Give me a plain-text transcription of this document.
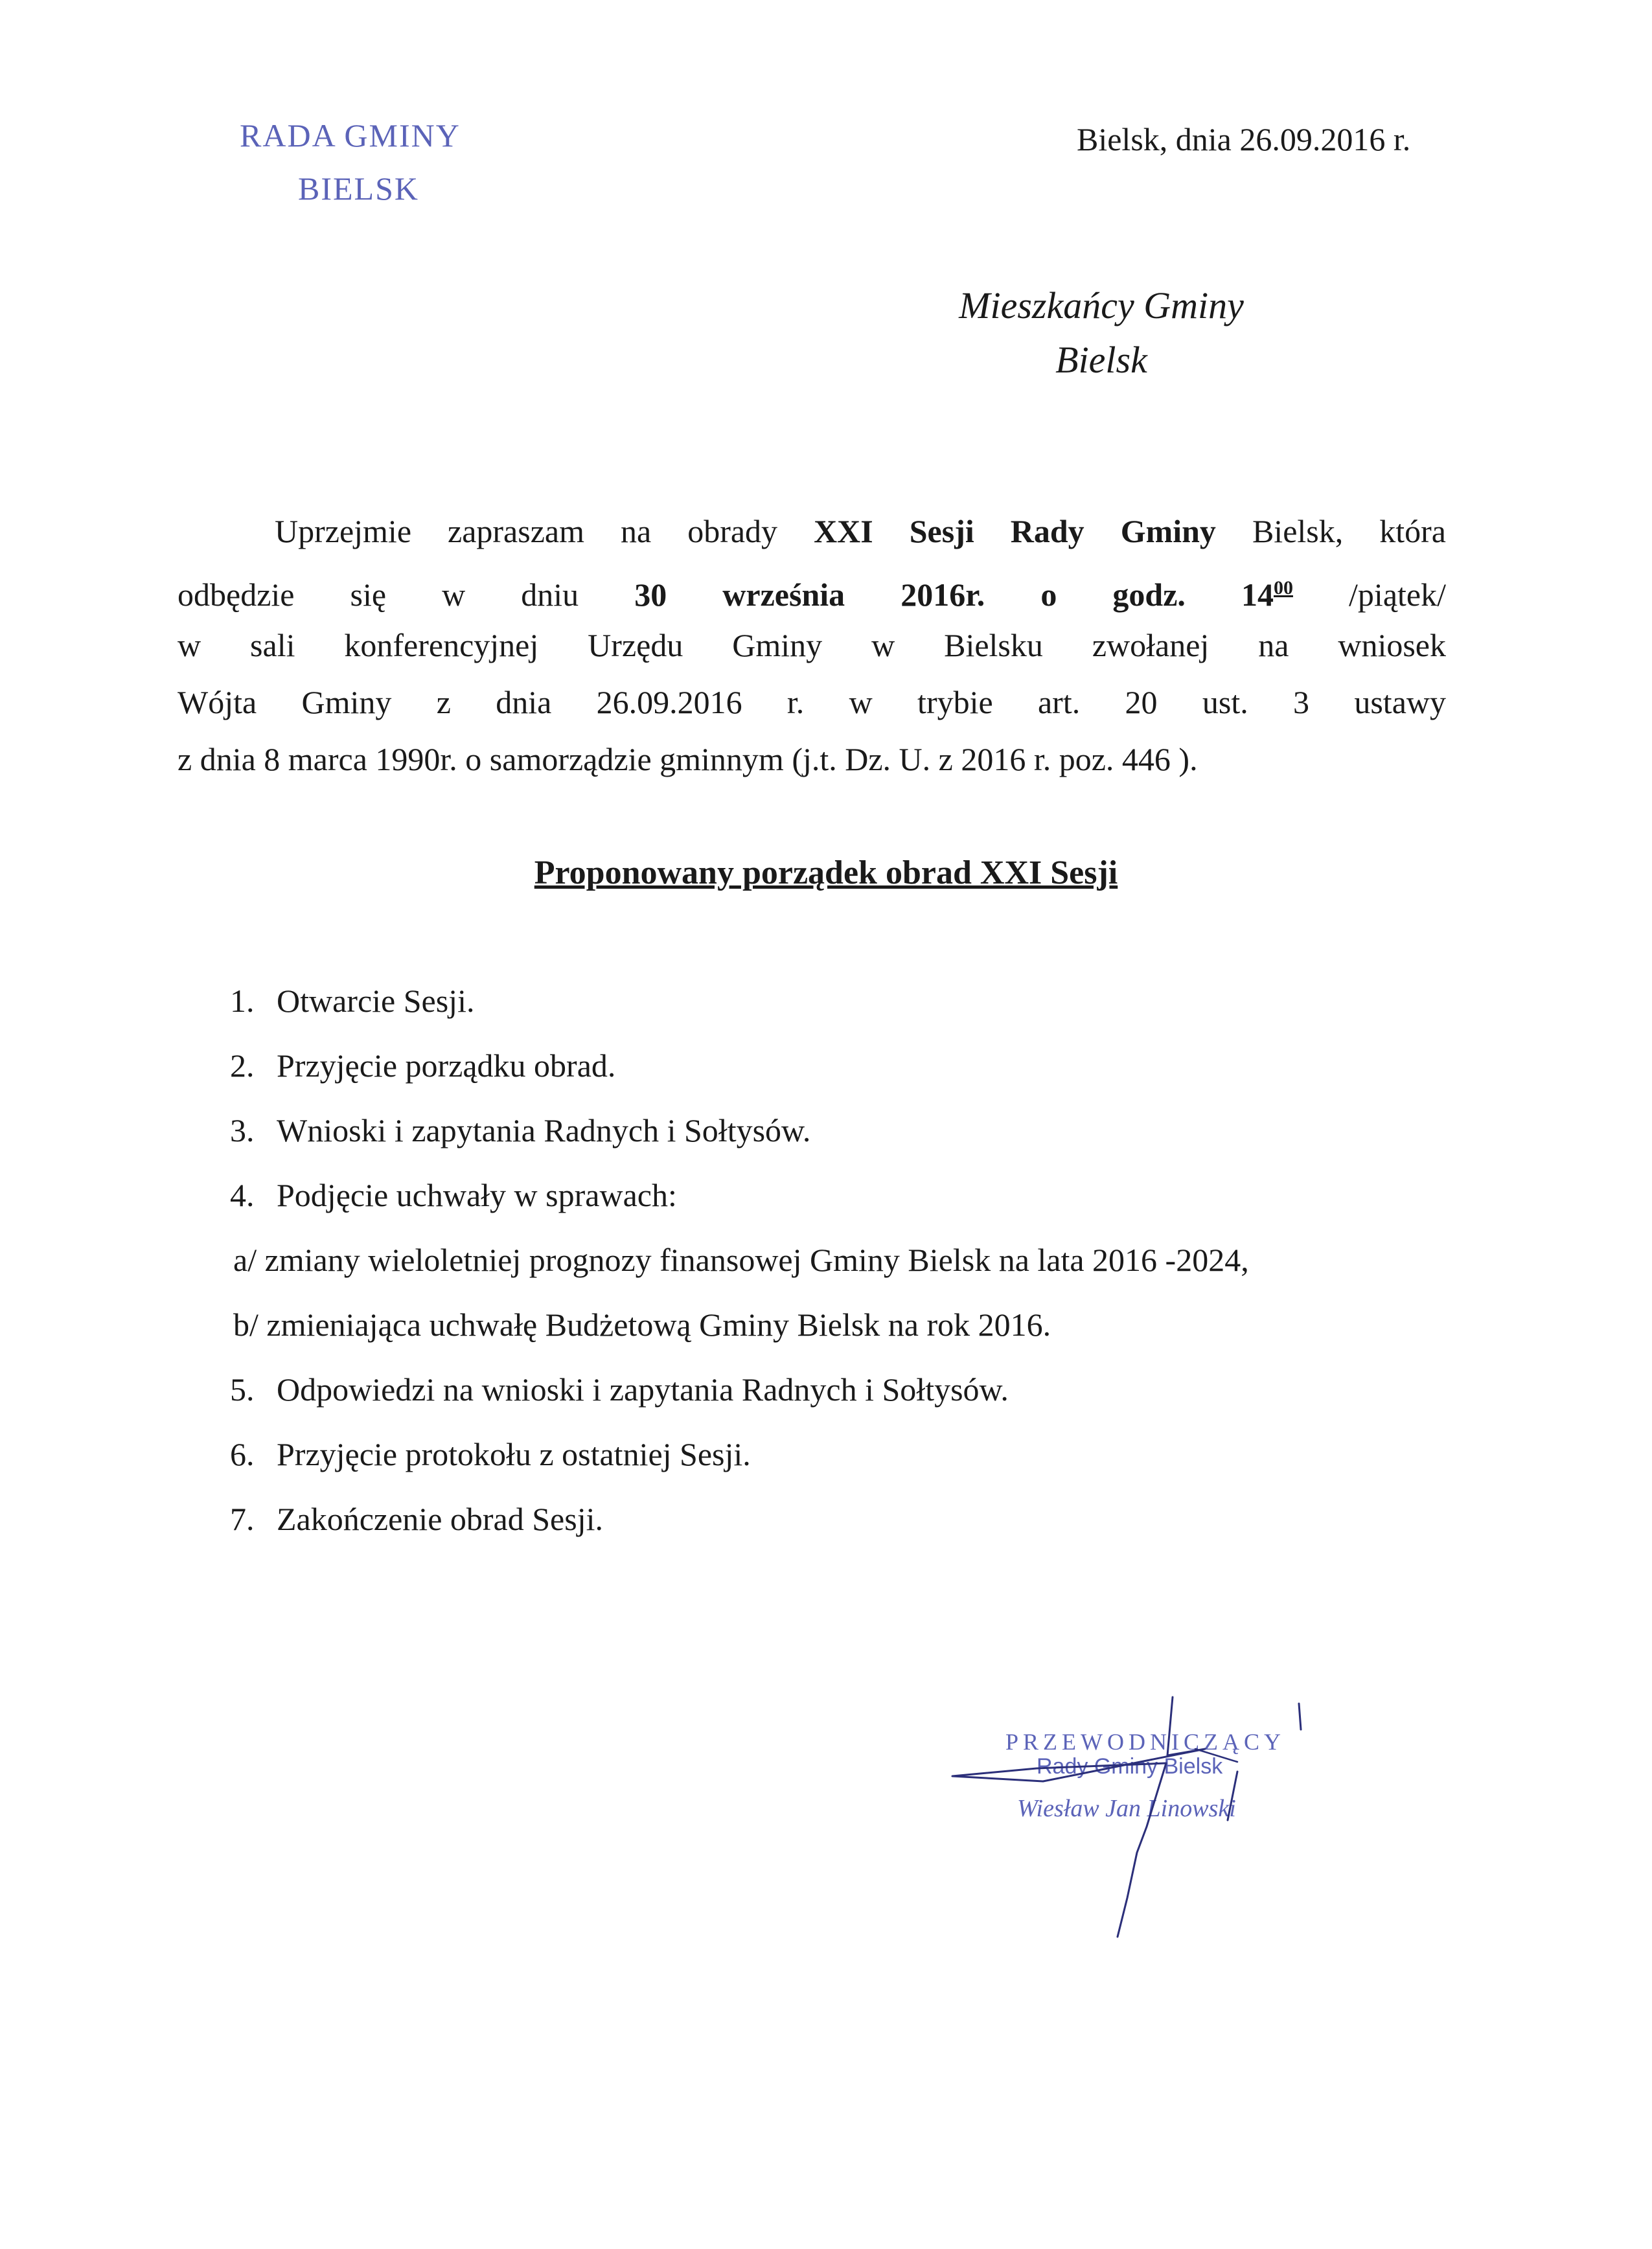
RADA GMINY
BIELSK
Bielsk, dnia 26.09.2016 r.
Mieszkańcy Gminy
Bielsk
Uprzejmie zapraszam na obrady XXI Sesji Rady Gminy Bielsk, która
odbędzie się w dniu 30 września 2016r. o godz. $14^{00}$ /piątek/
w sali konferencyjnej Urzędu Gminy w Bielsku zwołanej na wniosek
Wójta Gminy z dnia 26.09.2016 r. w trybie art. 20 ust. 3 ustawy
z dnia 8 marca 1990r. o samorządzie gminnym (j.t. Dz. U. z 2016 r. poz. 446 ).
Proponowany porządek obrad XXI Sesji
1. Otwarcie Sesji.
2. Przyjęcie porządku obrad.
3. Wnioski i zapytania Radnych i Sołtysów.
4. Podjęcie uchwały w sprawach:
a/ zmiany wieloletniej prognozy finansowej Gminy Bielsk na lata 2016 -2024,
b/ zmieniająca uchwałę Budżetową Gminy Bielsk na rok 2016.
5. Odpowiedzi na wnioski i zapytania Radnych i Sołtysów.
6. Przyjęcie protokołu z ostatniej Sesji.
7. Zakończenie obrad Sesji.
PRZEWODNICZĄCY
Rady Gminy Bielsk
Wiesław Jan Linowski
